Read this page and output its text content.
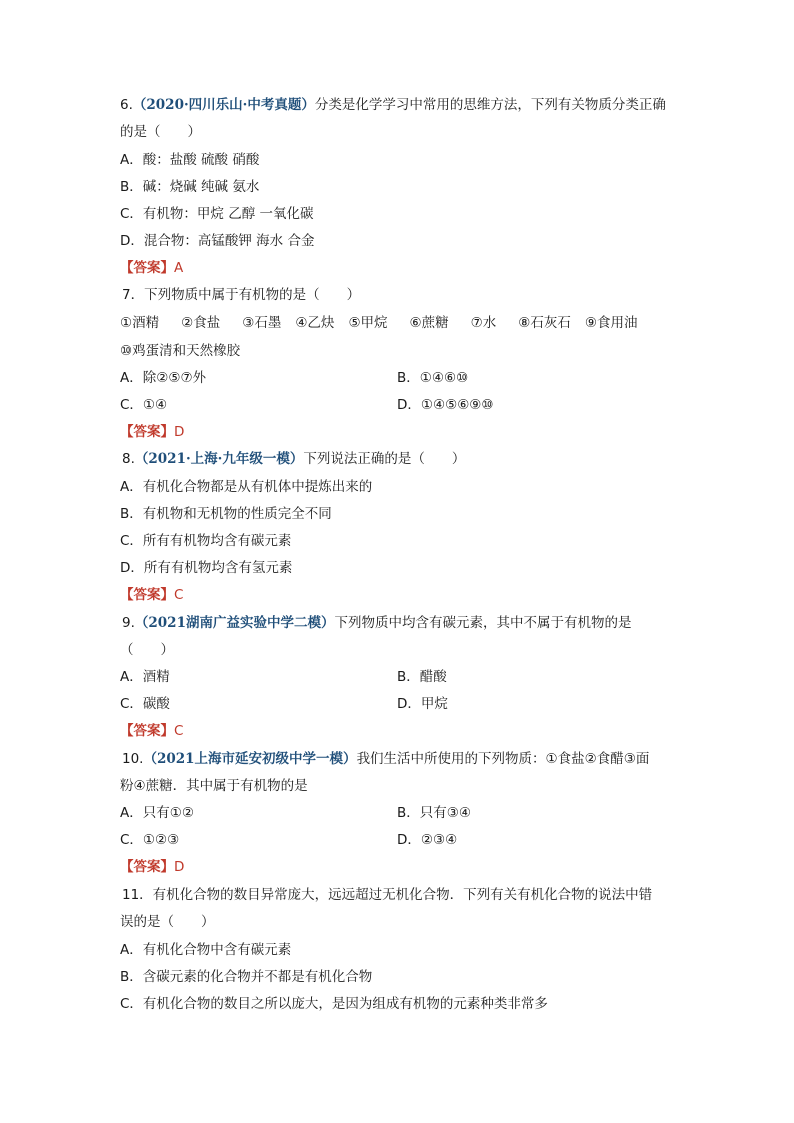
6.（2020·四川乐山·中考真题）分类是化学学习中常用的思维方法，下列有关物质分类正确
的是（　　）
A．酸：盐酸 硫酸 硝酸
B．碱：烧碱 纯碱 氨水
C．有机物：甲烷 乙醇 一氧化碳
D．混合物：高锰酸钾 海水 合金
【答案】A
7．下列物质中属于有机物的是（　　）
①酒精 ②食盐 ③石墨 ④乙炔 ⑤甲烷 ⑥蔗糖 ⑦水 ⑧石灰石 ⑨食用油
⑩鸡蛋清和天然橡胶
A．除②⑤⑦外	B．①④⑥⑩
C．①④	D．①④⑤⑥⑨⑩
【答案】D
8.（2021·上海·九年级一模）下列说法正确的是（　　）
A．有机化合物都是从有机体中提炼出来的
B．有机物和无机物的性质完全不同
C．所有有机物均含有碳元素
D．所有有机物均含有氢元素
【答案】C
9.（2021湖南广益实验中学二模）下列物质中均含有碳元素，其中不属于有机物的是
（　　）
A．酒精	B．醋酸
C．碳酸	D．甲烷
【答案】C
10.（2021上海市延安初级中学一模）我们生活中所使用的下列物质：①食盐②食醋③面
粉④蔗糖．其中属于有机物的是
A．只有①②	B．只有③④
C．①②③	D．②③④
【答案】D
11．有机化合物的数目异常庞大，远远超过无机化合物．下列有关有机化合物的说法中错
误的是（　　）
A．有机化合物中含有碳元素
B．含碳元素的化合物并不都是有机化合物
C．有机化合物的数目之所以庞大，是因为组成有机物的元素种类非常多
